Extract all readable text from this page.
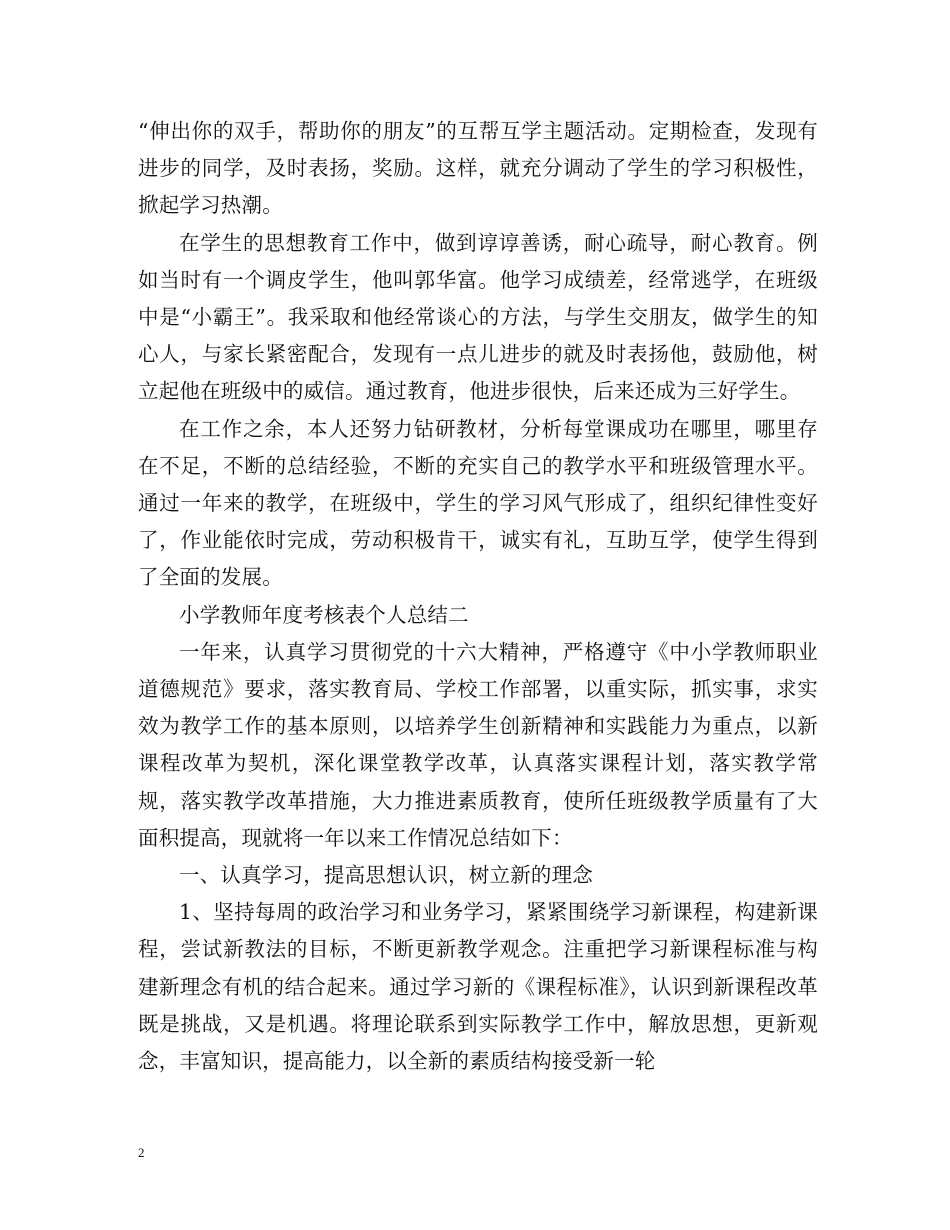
“伸出你的双手，帮助你的朋友”的互帮互学主题活动。定期检查，发现有进步的同学，及时表扬，奖励。这样，就充分调动了学生的学习积极性，掀起学习热潮。

在学生的思想教育工作中，做到谆谆善诱，耐心疏导，耐心教育。例如当时有一个调皮学生，他叫郭华富。他学习成绩差，经常逃学，在班级中是“小霸王”。我采取和他经常谈心的方法，与学生交朋友，做学生的知心人，与家长紧密配合，发现有一点儿进步的就及时表扬他，鼓励他，树立起他在班级中的威信。通过教育，他进步很快，后来还成为三好学生。

在工作之余，本人还努力钻研教材，分析每堂课成功在哪里，哪里存在不足，不断的总结经验，不断的充实自己的教学水平和班级管理水平。通过一年来的教学，在班级中，学生的学习风气形成了，组织纪律性变好了，作业能依时完成，劳动积极肯干，诚实有礼，互助互学，使学生得到了全面的发展。

小学教师年度考核表个人总结二

一年来，认真学习贯彻党的十六大精神，严格遵守《中小学教师职业道德规范》要求，落实教育局、学校工作部署，以重实际，抓实事，求实效为教学工作的基本原则，以培养学生创新精神和实践能力为重点，以新课程改革为契机，深化课堂教学改革，认真落实课程计划，落实教学常规，落实教学改革措施，大力推进素质教育，使所任班级教学质量有了大面积提高，现就将一年以来工作情况总结如下：

一、认真学习，提高思想认识，树立新的理念

1、坚持每周的政治学习和业务学习，紧紧围绕学习新课程，构建新课程，尝试新教法的目标，不断更新教学观念。注重把学习新课程标准与构建新理念有机的结合起来。通过学习新的《课程标准》，认识到新课程改革既是挑战，又是机遇。将理论联系到实际教学工作中，解放思想，更新观念，丰富知识，提高能力，以全新的素质结构接受新一轮

2
